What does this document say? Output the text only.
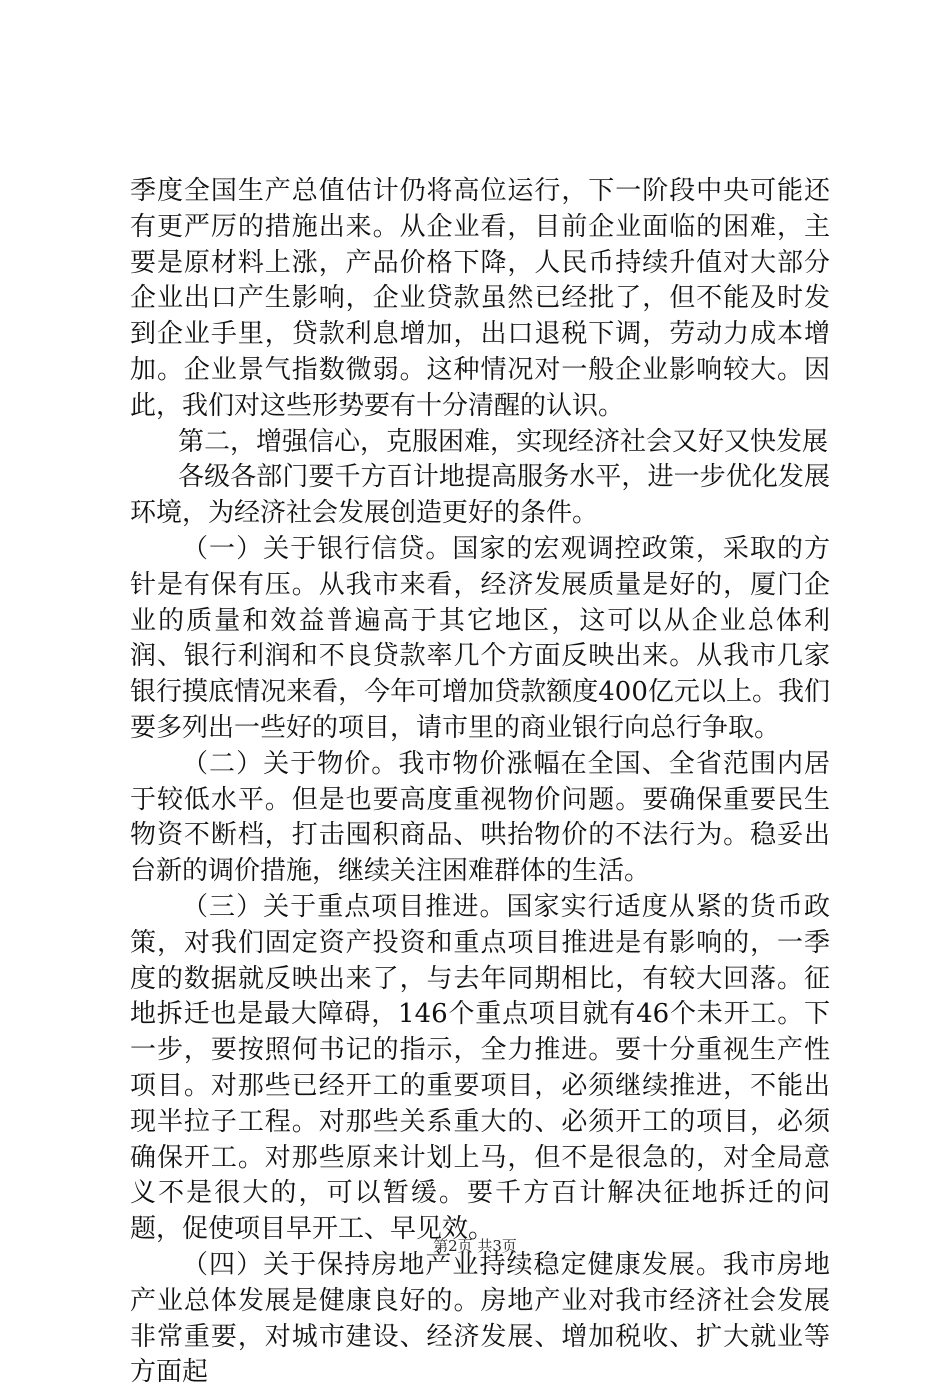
季度全国生产总值估计仍将高位运行，下一阶段中央可能还有更严厉的措施出来。从企业看，目前企业面临的困难，主要是原材料上涨，产品价格下降，人民币持续升值对大部分企业出口产生影响，企业贷款虽然已经批了，但不能及时发到企业手里，贷款利息增加，出口退税下调，劳动力成本增加。企业景气指数微弱。这种情况对一般企业影响较大。因此，我们对这些形势要有十分清醒的认识。

第二，增强信心，克服困难，实现经济社会又好又快发展

各级各部门要千方百计地提高服务水平，进一步优化发展环境，为经济社会发展创造更好的条件。

（一）关于银行信贷。国家的宏观调控政策，采取的方针是有保有压。从我市来看，经济发展质量是好的，厦门企业的质量和效益普遍高于其它地区，这可以从企业总体利润、银行利润和不良贷款率几个方面反映出来。从我市几家银行摸底情况来看，今年可增加贷款额度400亿元以上。我们要多列出一些好的项目，请市里的商业银行向总行争取。

（二）关于物价。我市物价涨幅在全国、全省范围内居于较低水平。但是也要高度重视物价问题。要确保重要民生物资不断档，打击囤积商品、哄抬物价的不法行为。稳妥出台新的调价措施，继续关注困难群体的生活。

（三）关于重点项目推进。国家实行适度从紧的货币政策，对我们固定资产投资和重点项目推进是有影响的，一季度的数据就反映出来了，与去年同期相比，有较大回落。征地拆迁也是最大障碍，146个重点项目就有46个未开工。下一步，要按照何书记的指示，全力推进。要十分重视生产性项目。对那些已经开工的重要项目，必须继续推进，不能出现半拉子工程。对那些关系重大的、必须开工的项目，必须确保开工。对那些原来计划上马，但不是很急的，对全局意义不是很大的，可以暂缓。要千方百计解决征地拆迁的问题，促使项目早开工、早见效。

（四）关于保持房地产业持续稳定健康发展。我市房地产业总体发展是健康良好的。房地产业对我市经济社会发展非常重要，对城市建设、经济发展、增加税收、扩大就业等方面起

第2页 共3页
